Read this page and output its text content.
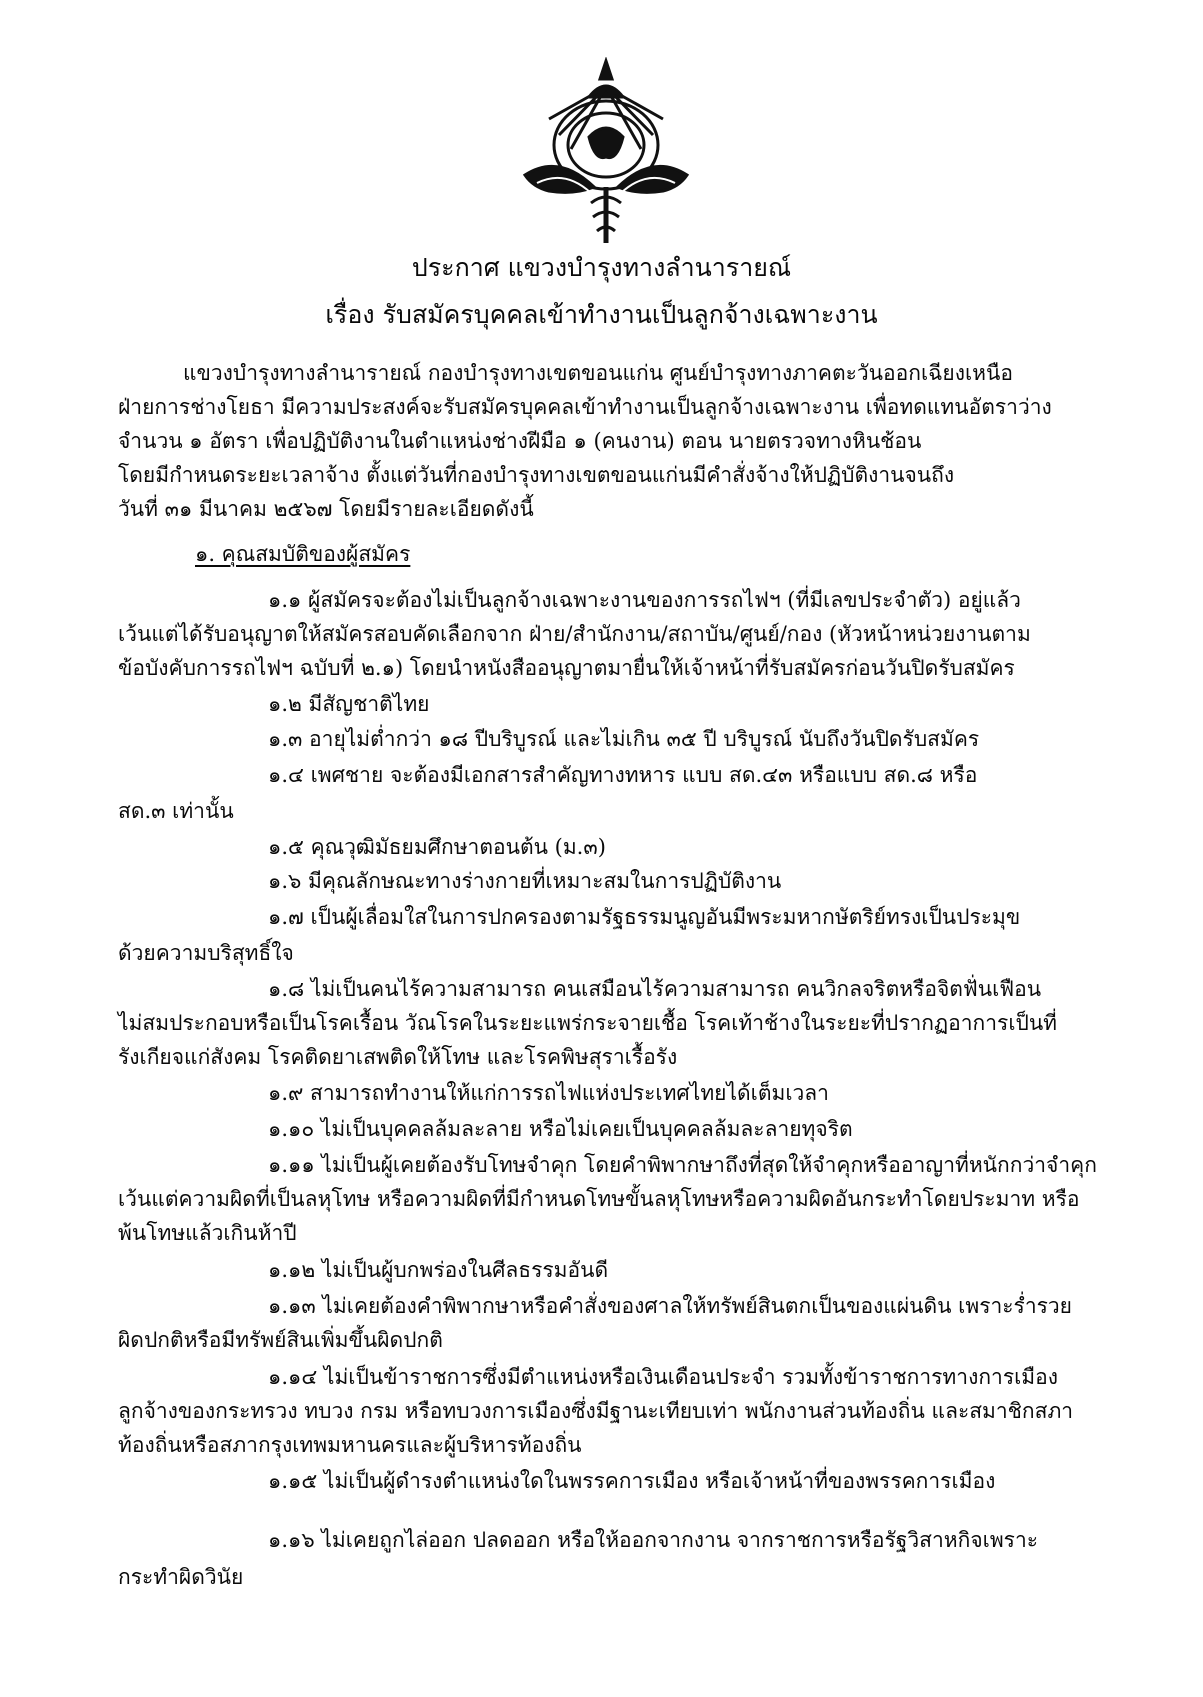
ประกาศ แขวงบำรุงทางลำนารายณ์
เรื่อง รับสมัครบุคคลเข้าทำงานเป็นลูกจ้างเฉพาะงาน
แขวงบำรุงทางลำนารายณ์ กองบำรุงทางเขตขอนแก่น ศูนย์บำรุงทางภาคตะวันออกเฉียงเหนือ
ฝ่ายการช่างโยธา มีความประสงค์จะรับสมัครบุคคลเข้าทำงานเป็นลูกจ้างเฉพาะงาน เพื่อทดแทนอัตราว่าง
จำนวน ๑ อัตรา เพื่อปฏิบัติงานในตำแหน่งช่างฝีมือ ๑ (คนงาน) ตอน นายตรวจทางหินช้อน
โดยมีกำหนดระยะเวลาจ้าง ตั้งแต่วันที่กองบำรุงทางเขตขอนแก่นมีคำสั่งจ้างให้ปฏิบัติงานจนถึง
วันที่ ๓๑ มีนาคม ๒๕๖๗ โดยมีรายละเอียดดังนี้
๑. คุณสมบัติของผู้สมัคร
๑.๑ ผู้สมัครจะต้องไม่เป็นลูกจ้างเฉพาะงานของการรถไฟฯ (ที่มีเลขประจำตัว) อยู่แล้ว
เว้นแต่ได้รับอนุญาตให้สมัครสอบคัดเลือกจาก ฝ่าย/สำนักงาน/สถาบัน/ศูนย์/กอง (หัวหน้าหน่วยงานตาม
ข้อบังคับการรถไฟฯ ฉบับที่ ๒.๑) โดยนำหนังสืออนุญาตมายื่นให้เจ้าหน้าที่รับสมัครก่อนวันปิดรับสมัคร
๑.๒ มีสัญชาติไทย
๑.๓ อายุไม่ต่ำกว่า ๑๘ ปีบริบูรณ์ และไม่เกิน ๓๕ ปี บริบูรณ์ นับถึงวันปิดรับสมัคร
๑.๔ เพศชาย จะต้องมีเอกสารสำคัญทางทหาร แบบ สด.๔๓ หรือแบบ สด.๘ หรือ
สด.๓ เท่านั้น
๑.๕ คุณวุฒิมัธยมศึกษาตอนต้น (ม.๓)
๑.๖ มีคุณลักษณะทางร่างกายที่เหมาะสมในการปฏิบัติงาน
๑.๗ เป็นผู้เลื่อมใสในการปกครองตามรัฐธรรมนูญอันมีพระมหากษัตริย์ทรงเป็นประมุข
ด้วยความบริสุทธิ์ใจ
๑.๘ ไม่เป็นคนไร้ความสามารถ คนเสมือนไร้ความสามารถ คนวิกลจริตหรือจิตฟั่นเฟือน
ไม่สมประกอบหรือเป็นโรคเรื้อน วัณโรคในระยะแพร่กระจายเชื้อ โรคเท้าช้างในระยะที่ปรากฏอาการเป็นที่
รังเกียจแก่สังคม โรคติดยาเสพติดให้โทษ และโรคพิษสุราเรื้อรัง
๑.๙ สามารถทำงานให้แก่การรถไฟแห่งประเทศไทยได้เต็มเวลา
๑.๑๐ ไม่เป็นบุคคลล้มละลาย หรือไม่เคยเป็นบุคคลล้มละลายทุจริต
๑.๑๑ ไม่เป็นผู้เคยต้องรับโทษจำคุก โดยคำพิพากษาถึงที่สุดให้จำคุกหรืออาญาที่หนักกว่าจำคุก
เว้นแต่ความผิดที่เป็นลหุโทษ หรือความผิดที่มีกำหนดโทษขั้นลหุโทษหรือความผิดอันกระทำโดยประมาท หรือ
พ้นโทษแล้วเกินห้าปี
๑.๑๒ ไม่เป็นผู้บกพร่องในศีลธรรมอันดี
๑.๑๓ ไม่เคยต้องคำพิพากษาหรือคำสั่งของศาลให้ทรัพย์สินตกเป็นของแผ่นดิน เพราะร่ำรวย
ผิดปกติหรือมีทรัพย์สินเพิ่มขึ้นผิดปกติ
๑.๑๔ ไม่เป็นข้าราชการซึ่งมีตำแหน่งหรือเงินเดือนประจำ รวมทั้งข้าราชการทางการเมือง
ลูกจ้างของกระทรวง ทบวง กรม หรือทบวงการเมืองซึ่งมีฐานะเทียบเท่า พนักงานส่วนท้องถิ่น และสมาชิกสภา
ท้องถิ่นหรือสภากรุงเทพมหานครและผู้บริหารท้องถิ่น
๑.๑๕ ไม่เป็นผู้ดำรงตำแหน่งใดในพรรคการเมือง หรือเจ้าหน้าที่ของพรรคการเมือง
๑.๑๖ ไม่เคยถูกไล่ออก ปลดออก หรือให้ออกจากงาน จากราชการหรือรัฐวิสาหกิจเพราะ
กระทำผิดวินัย
